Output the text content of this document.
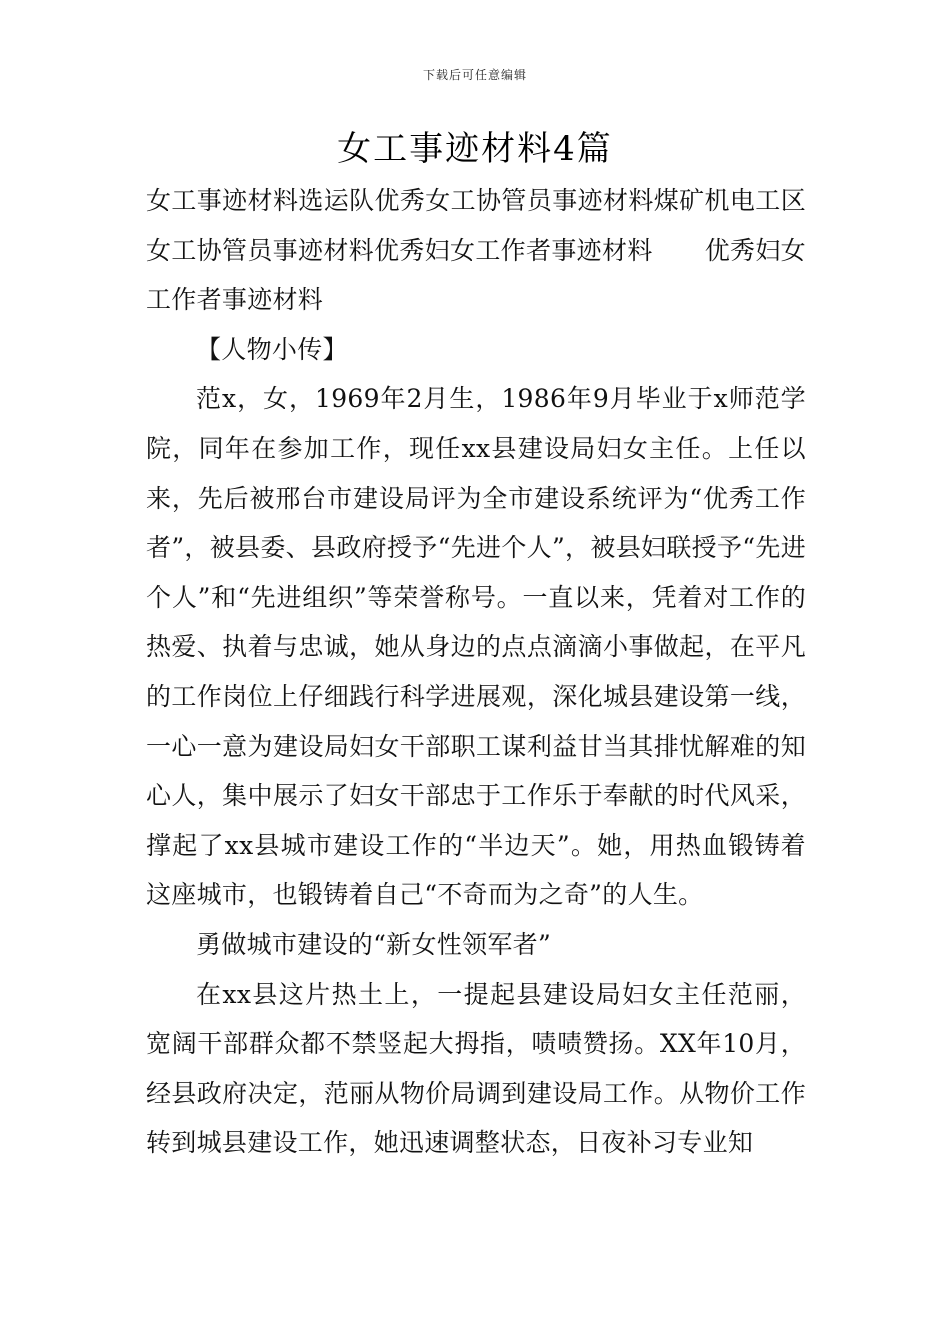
下载后可任意编辑
女工事迹材料4篇

女工事迹材料选运队优秀女工协管员事迹材料煤矿机电工区女工协管员事迹材料优秀妇女工作者事迹材料 优秀妇女工作者事迹材料

【人物小传】

范x，女，1969年2月生，1986年9月毕业于x师范学院，同年在参加工作，现任xx县建设局妇女主任。上任以来，先后被邢台市建设局评为全市建设系统评为“优秀工作者”，被县委、县政府授予“先进个人”，被县妇联授予“先进个人”和“先进组织”等荣誉称号。一直以来，凭着对工作的热爱、执着与忠诚，她从身边的点点滴滴小事做起，在平凡的工作岗位上仔细践行科学进展观，深化城县建设第一线，一心一意为建设局妇女干部职工谋利益甘当其排忧解难的知心人，集中展示了妇女干部忠于工作乐于奉献的时代风采，撑起了xx县城市建设工作的“半边天”。她，用热血锻铸着这座城市，也锻铸着自己“不奇而为之奇”的人生。

勇做城市建设的“新女性领军者”

在xx县这片热土上，一提起县建设局妇女主任范丽，宽阔干部群众都不禁竖起大拇指，啧啧赞扬。XX年10月，经县政府决定，范丽从物价局调到建设局工作。从物价工作转到城县建设工作，她迅速调整状态，日夜补习专业知
